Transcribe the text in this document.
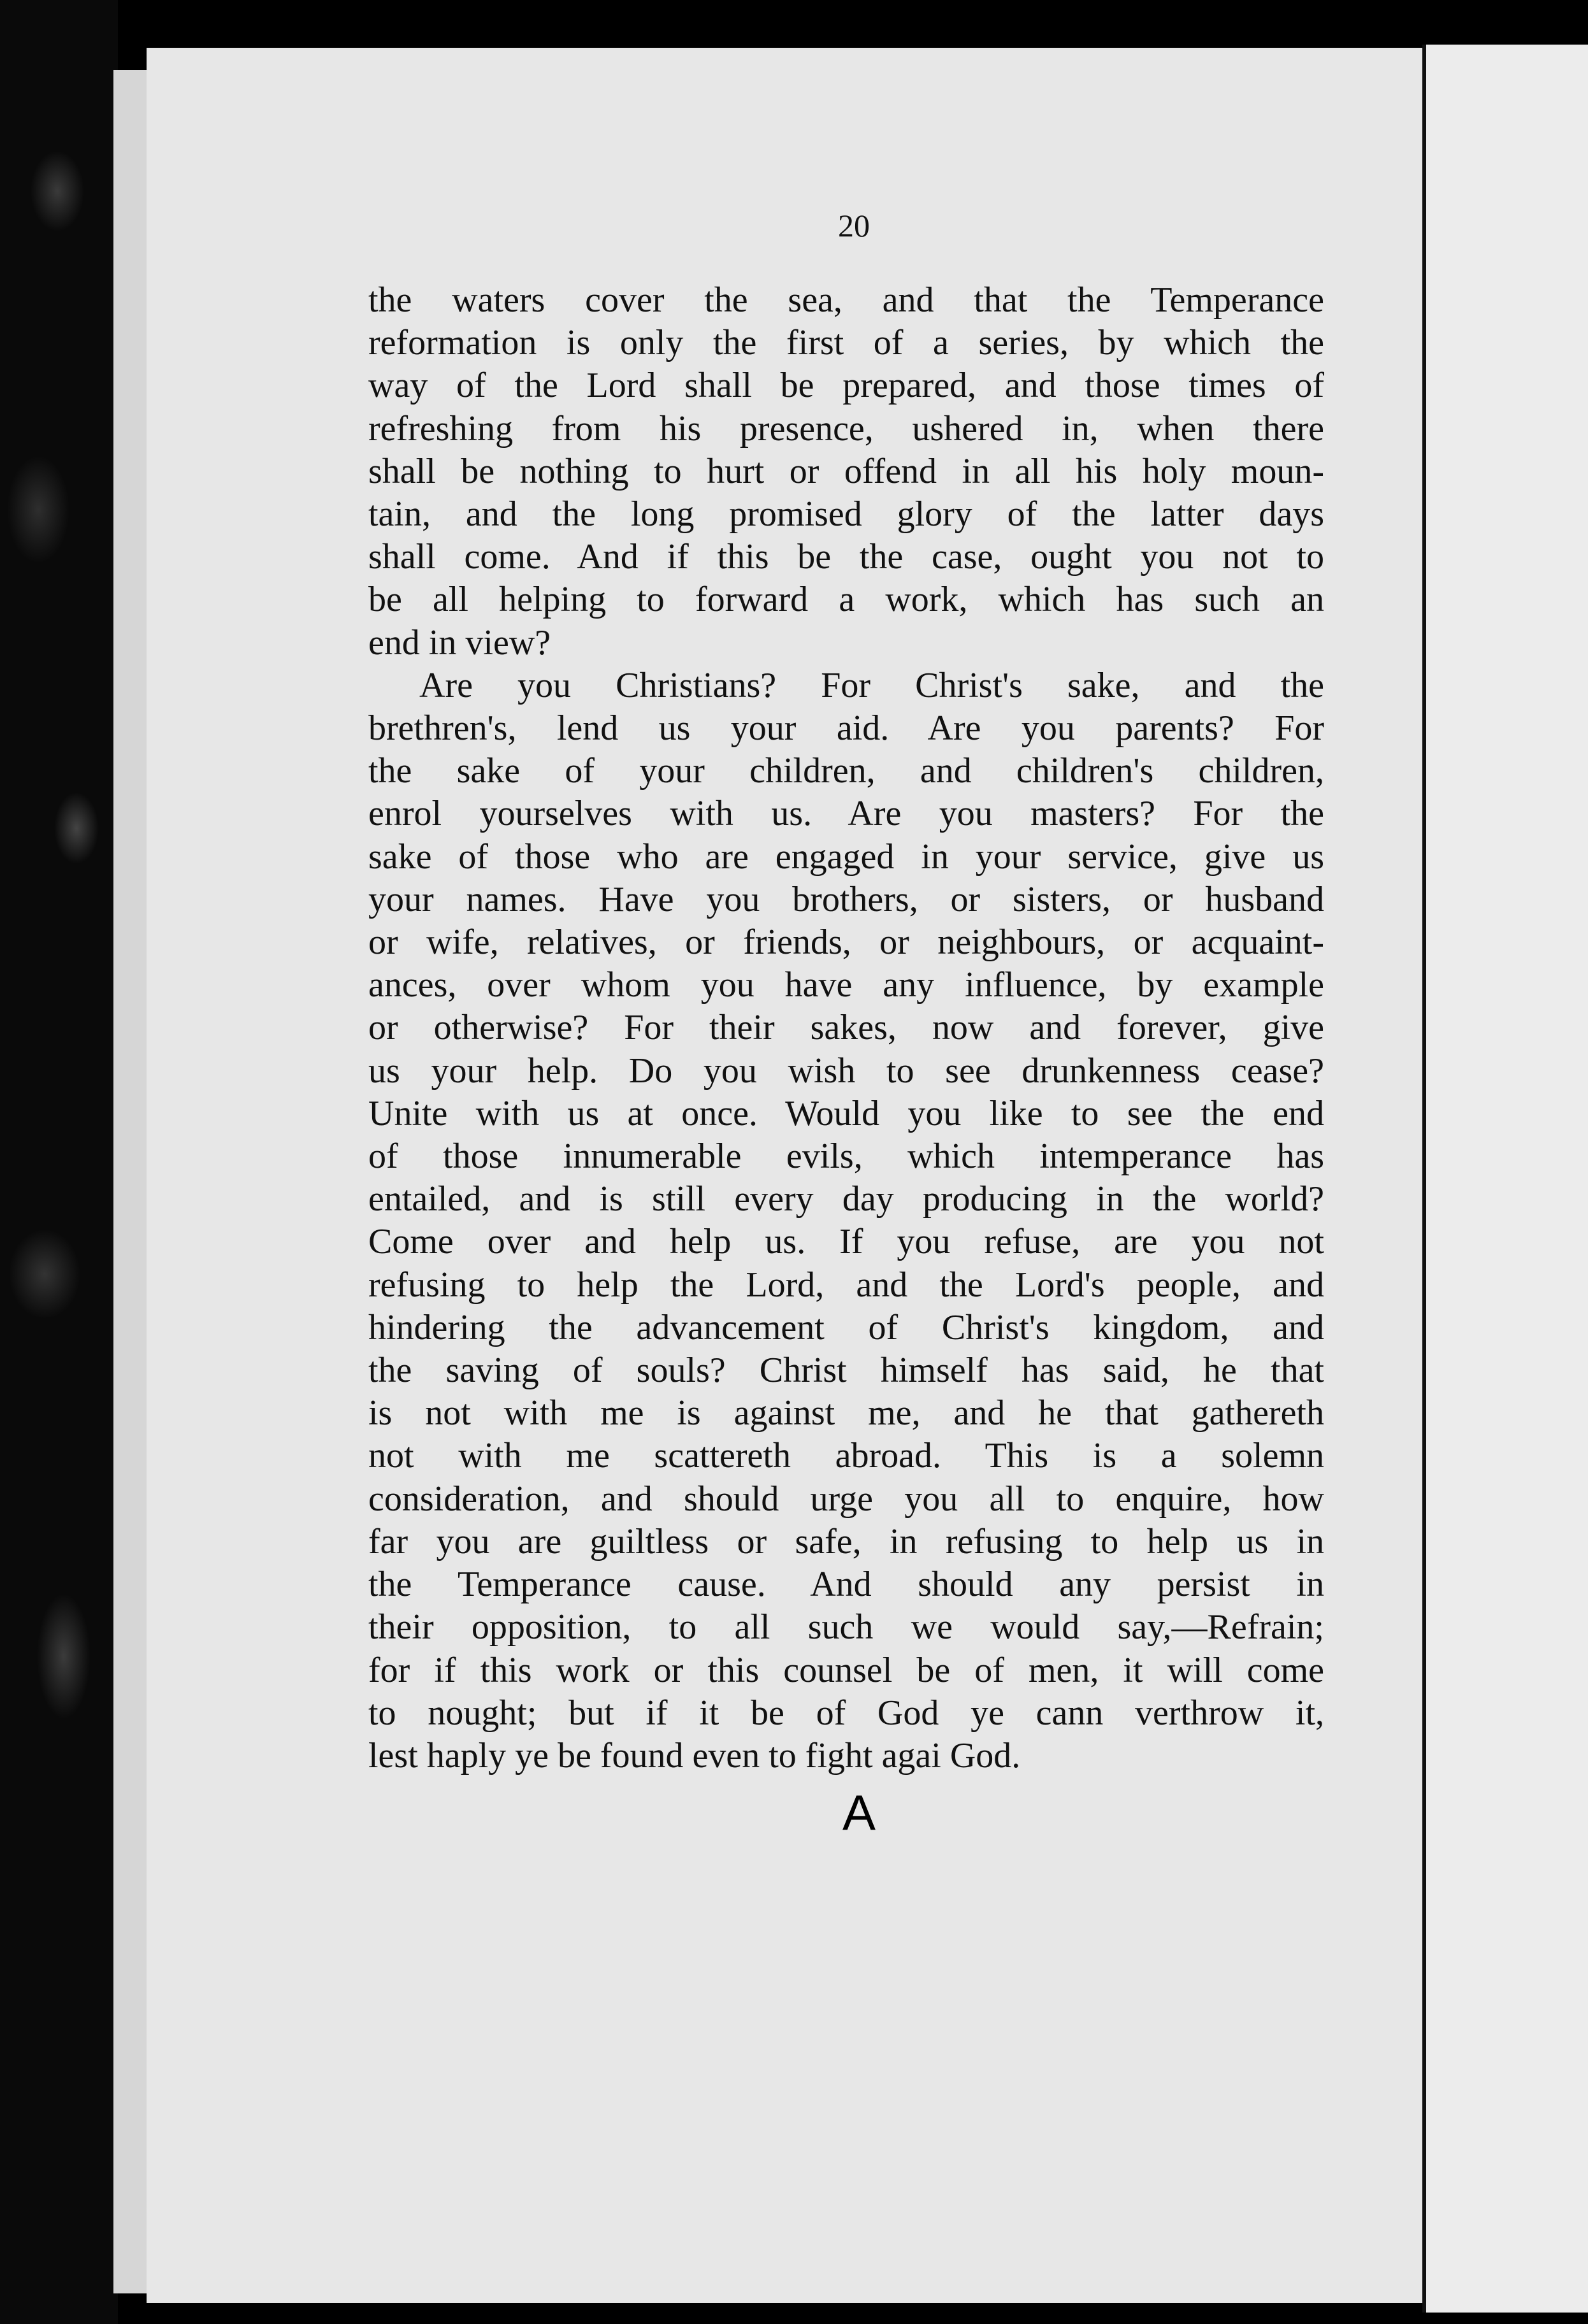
20
the waters cover the sea, and that the Temperance
reformation is only the first of a series, by which the
way of the Lord shall be prepared, and those times of
refreshing from his presence, ushered in, when there
shall be nothing to hurt or offend in all his holy moun-
tain, and the long promised glory of the latter days
shall come. And if this be the case, ought you not to
be all helping to forward a work, which has such an
end in view?
Are you Christians? For Christ's sake, and the
brethren's, lend us your aid. Are you parents? For
the sake of your children, and children's children,
enrol yourselves with us. Are you masters? For the
sake of those who are engaged in your service, give us
your names. Have you brothers, or sisters, or husband
or wife, relatives, or friends, or neighbours, or acquaint-
ances, over whom you have any influence, by example
or otherwise? For their sakes, now and forever, give
us your help. Do you wish to see drunkenness cease?
Unite with us at once. Would you like to see the end
of those innumerable evils, which intemperance has
entailed, and is still every day producing in the world?
Come over and help us. If you refuse, are you not
refusing to help the Lord, and the Lord's people, and
hindering the advancement of Christ's kingdom, and
the saving of souls? Christ himself has said, he that
is not with me is against me, and he that gathereth
not with me scattereth abroad. This is a solemn
consideration, and should urge you all to enquire, how
far you are guiltless or safe, in refusing to help us in
the Temperance cause. And should any persist in
their opposition, to all such we would say,—Refrain;
for if this work or this counsel be of men, it will come
to nought; but if it be of God ye cann verthrow it,
lest haply ye be found even to fight agai God.
A
